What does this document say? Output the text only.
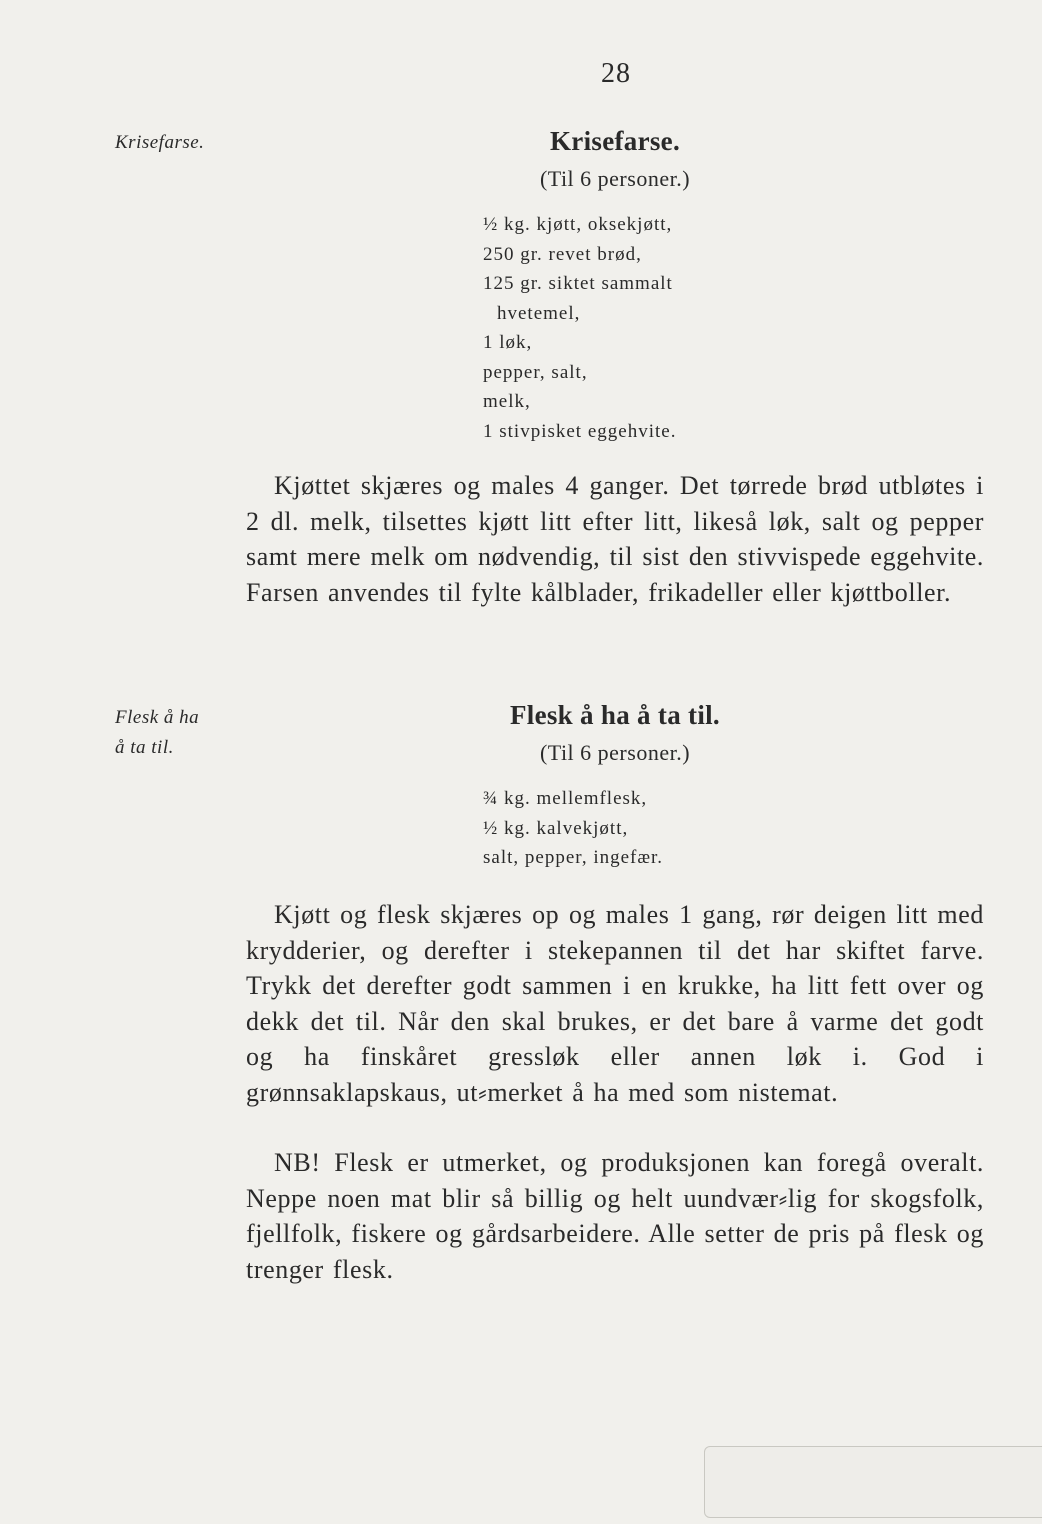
28
Krisefarse.	Krisefarse.
(Til 6 personer.)
½ kg. kjøtt, oksekjøtt,
250 gr. revet brød,
125 gr. siktet sammalt
hvetemel,
1 løk,
pepper, salt,
melk,
1 stivpisket eggehvite.

Kjøttet skjæres og males 4 ganger. Det tørrede brød utbløtes i 2 dl. melk, tilsettes kjøtt litt efter litt, likeså løk, salt og pepper samt mere melk om nødvendig, til sist den stivvispede eggehvite. Farsen anvendes til fylte kålblader, frikadeller eller kjøttboller.

Flesk å ha
å ta til.
Flesk å ha å ta til.
(Til 6 personer.)
¾ kg. mellemflesk,
½ kg. kalvekjøtt,
salt, pepper, ingefær.

Kjøtt og flesk skjæres op og males 1 gang, rør deigen litt med krydderier, og derefter i stekepannen til det har skiftet farve. Trykk det derefter godt sammen i en krukke, ha litt fett over og dekk det til. Når den skal brukes, er det bare å varme det godt og ha finskåret gressløk eller annen løk i. God i grønnsaklapskaus, ut⸗merket å ha med som nistemat.

NB! Flesk er utmerket, og produksjonen kan foregå overalt. Neppe noen mat blir så billig og helt uundvær⸗lig for skogsfolk, fjellfolk, fiskere og gårdsarbeidere. Alle setter de pris på flesk og trenger flesk.
